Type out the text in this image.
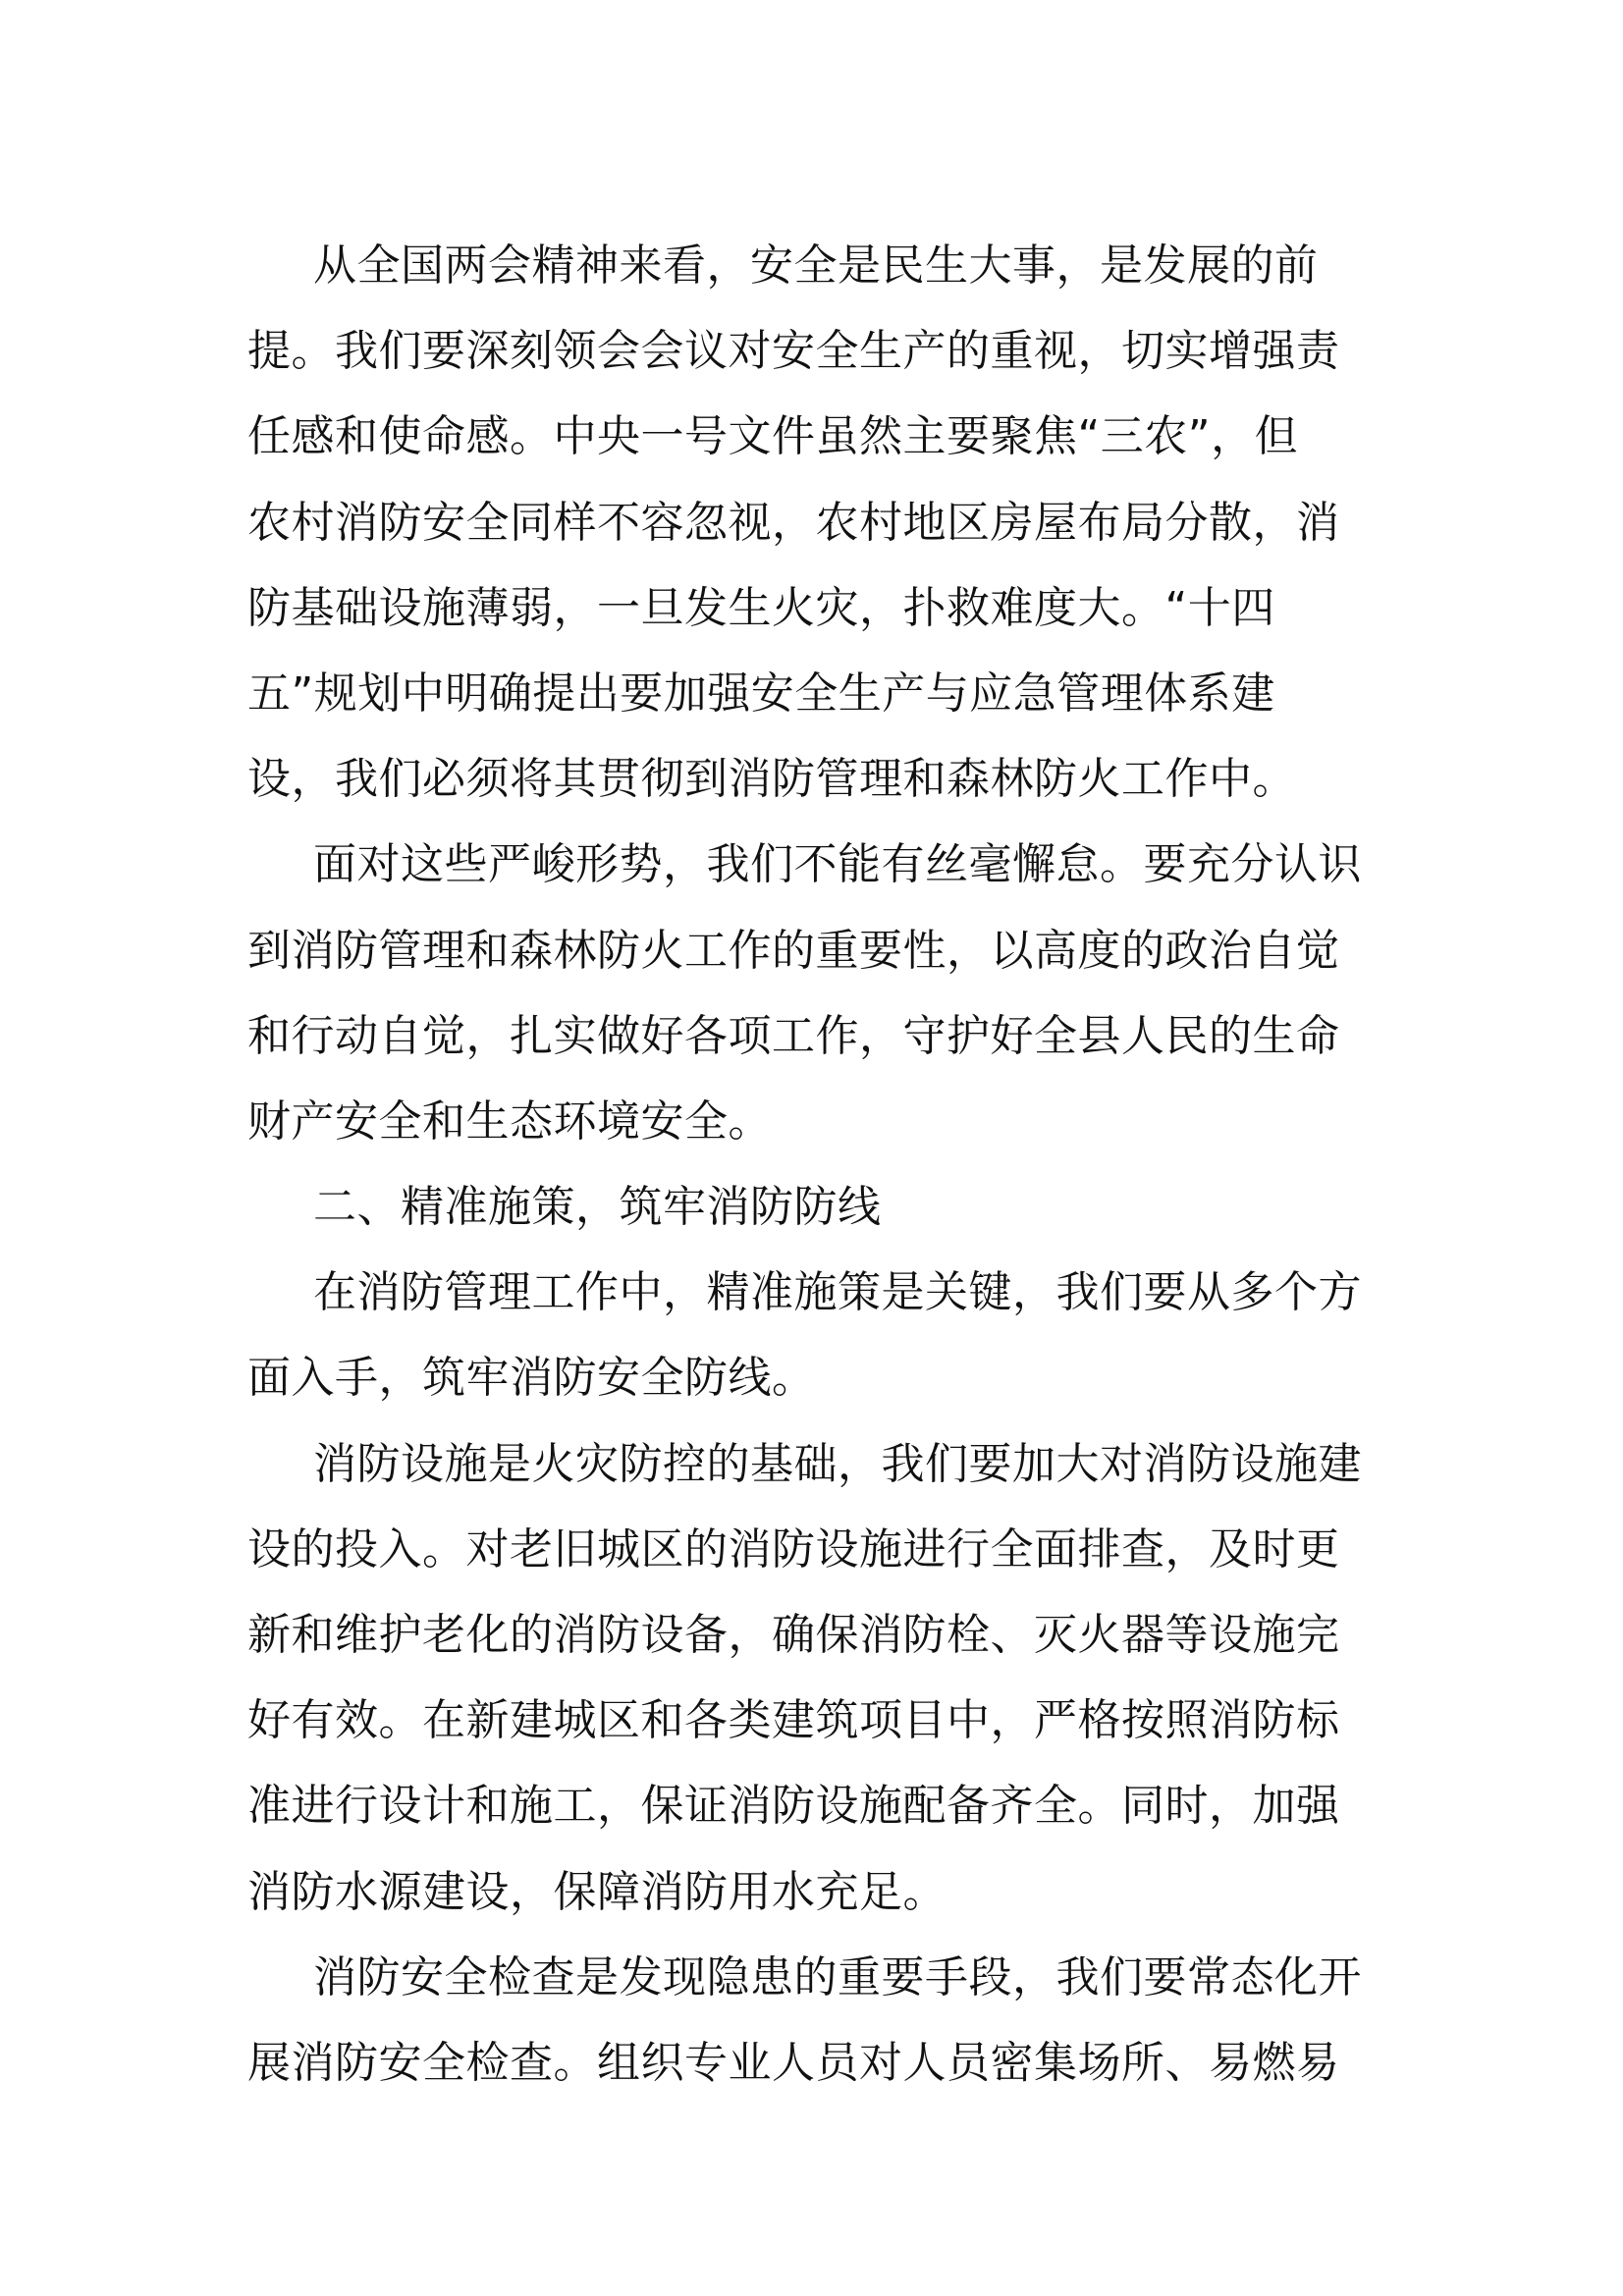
从全国两会精神来看，安全是民生大事，是发展的前
提。我们要深刻领会会议对安全生产的重视，切实增强责
任感和使命感。中央一号文件虽然主要聚焦“三农”，但
农村消防安全同样不容忽视，农村地区房屋布局分散，消
防基础设施薄弱，一旦发生火灾，扑救难度大。“十四
五”规划中明确提出要加强安全生产与应急管理体系建
设，我们必须将其贯彻到消防管理和森林防火工作中。
面对这些严峻形势，我们不能有丝毫懈怠。要充分认识
到消防管理和森林防火工作的重要性，以高度的政治自觉
和行动自觉，扎实做好各项工作，守护好全县人民的生命
财产安全和生态环境安全。
二、精准施策，筑牢消防防线
在消防管理工作中，精准施策是关键，我们要从多个方
面入手，筑牢消防安全防线。
消防设施是火灾防控的基础，我们要加大对消防设施建
设的投入。对老旧城区的消防设施进行全面排查，及时更
新和维护老化的消防设备，确保消防栓、灭火器等设施完
好有效。在新建城区和各类建筑项目中，严格按照消防标
准进行设计和施工，保证消防设施配备齐全。同时，加强
消防水源建设，保障消防用水充足。
消防安全检查是发现隐患的重要手段，我们要常态化开
展消防安全检查。组织专业人员对人员密集场所、易燃易
